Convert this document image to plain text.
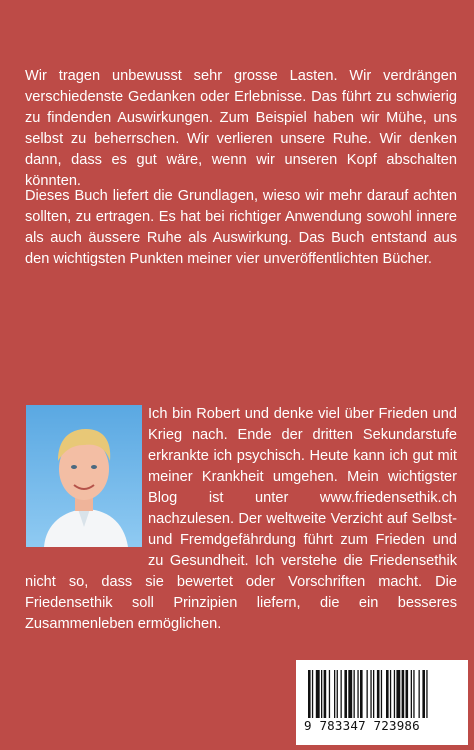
Wir tragen unbewusst sehr grosse Lasten. Wir verdrängen verschiedenste Gedanken oder Erlebnisse. Das führt zu schwierig zu findenden Auswirkungen. Zum Beispiel haben wir Mühe, uns selbst zu beherrschen. Wir verlieren unsere Ruhe. Wir denken dann, dass es gut wäre, wenn wir unseren Kopf abschalten könnten.

Dieses Buch liefert die Grundlagen, wieso wir mehr darauf achten sollten, zu ertragen. Es hat bei richtiger Anwendung sowohl innere als auch äussere Ruhe als Auswirkung. Das Buch entstand aus den wichtigsten Punkten meiner vier unveröffentlichten Bücher.

Ich bin Robert und denke viel über Frieden und Krieg nach. Ende der dritten Sekundarstufe erkrankte ich psychisch. Heute kann ich gut mit meiner Krankheit umgehen. Mein wichtigster Blog ist unter www.friedensethik.ch nachzulesen. Der weltweite Verzicht auf Selbst- und Fremdgefährdung führt zum Frieden und zu Gesundheit. Ich verstehe die Friedensethik nicht so, dass sie bewertet oder Vorschriften macht. Die Friedensethik soll Prinzipien liefern, die ein besseres Zusammenleben ermöglichen.

9 783347 723986
